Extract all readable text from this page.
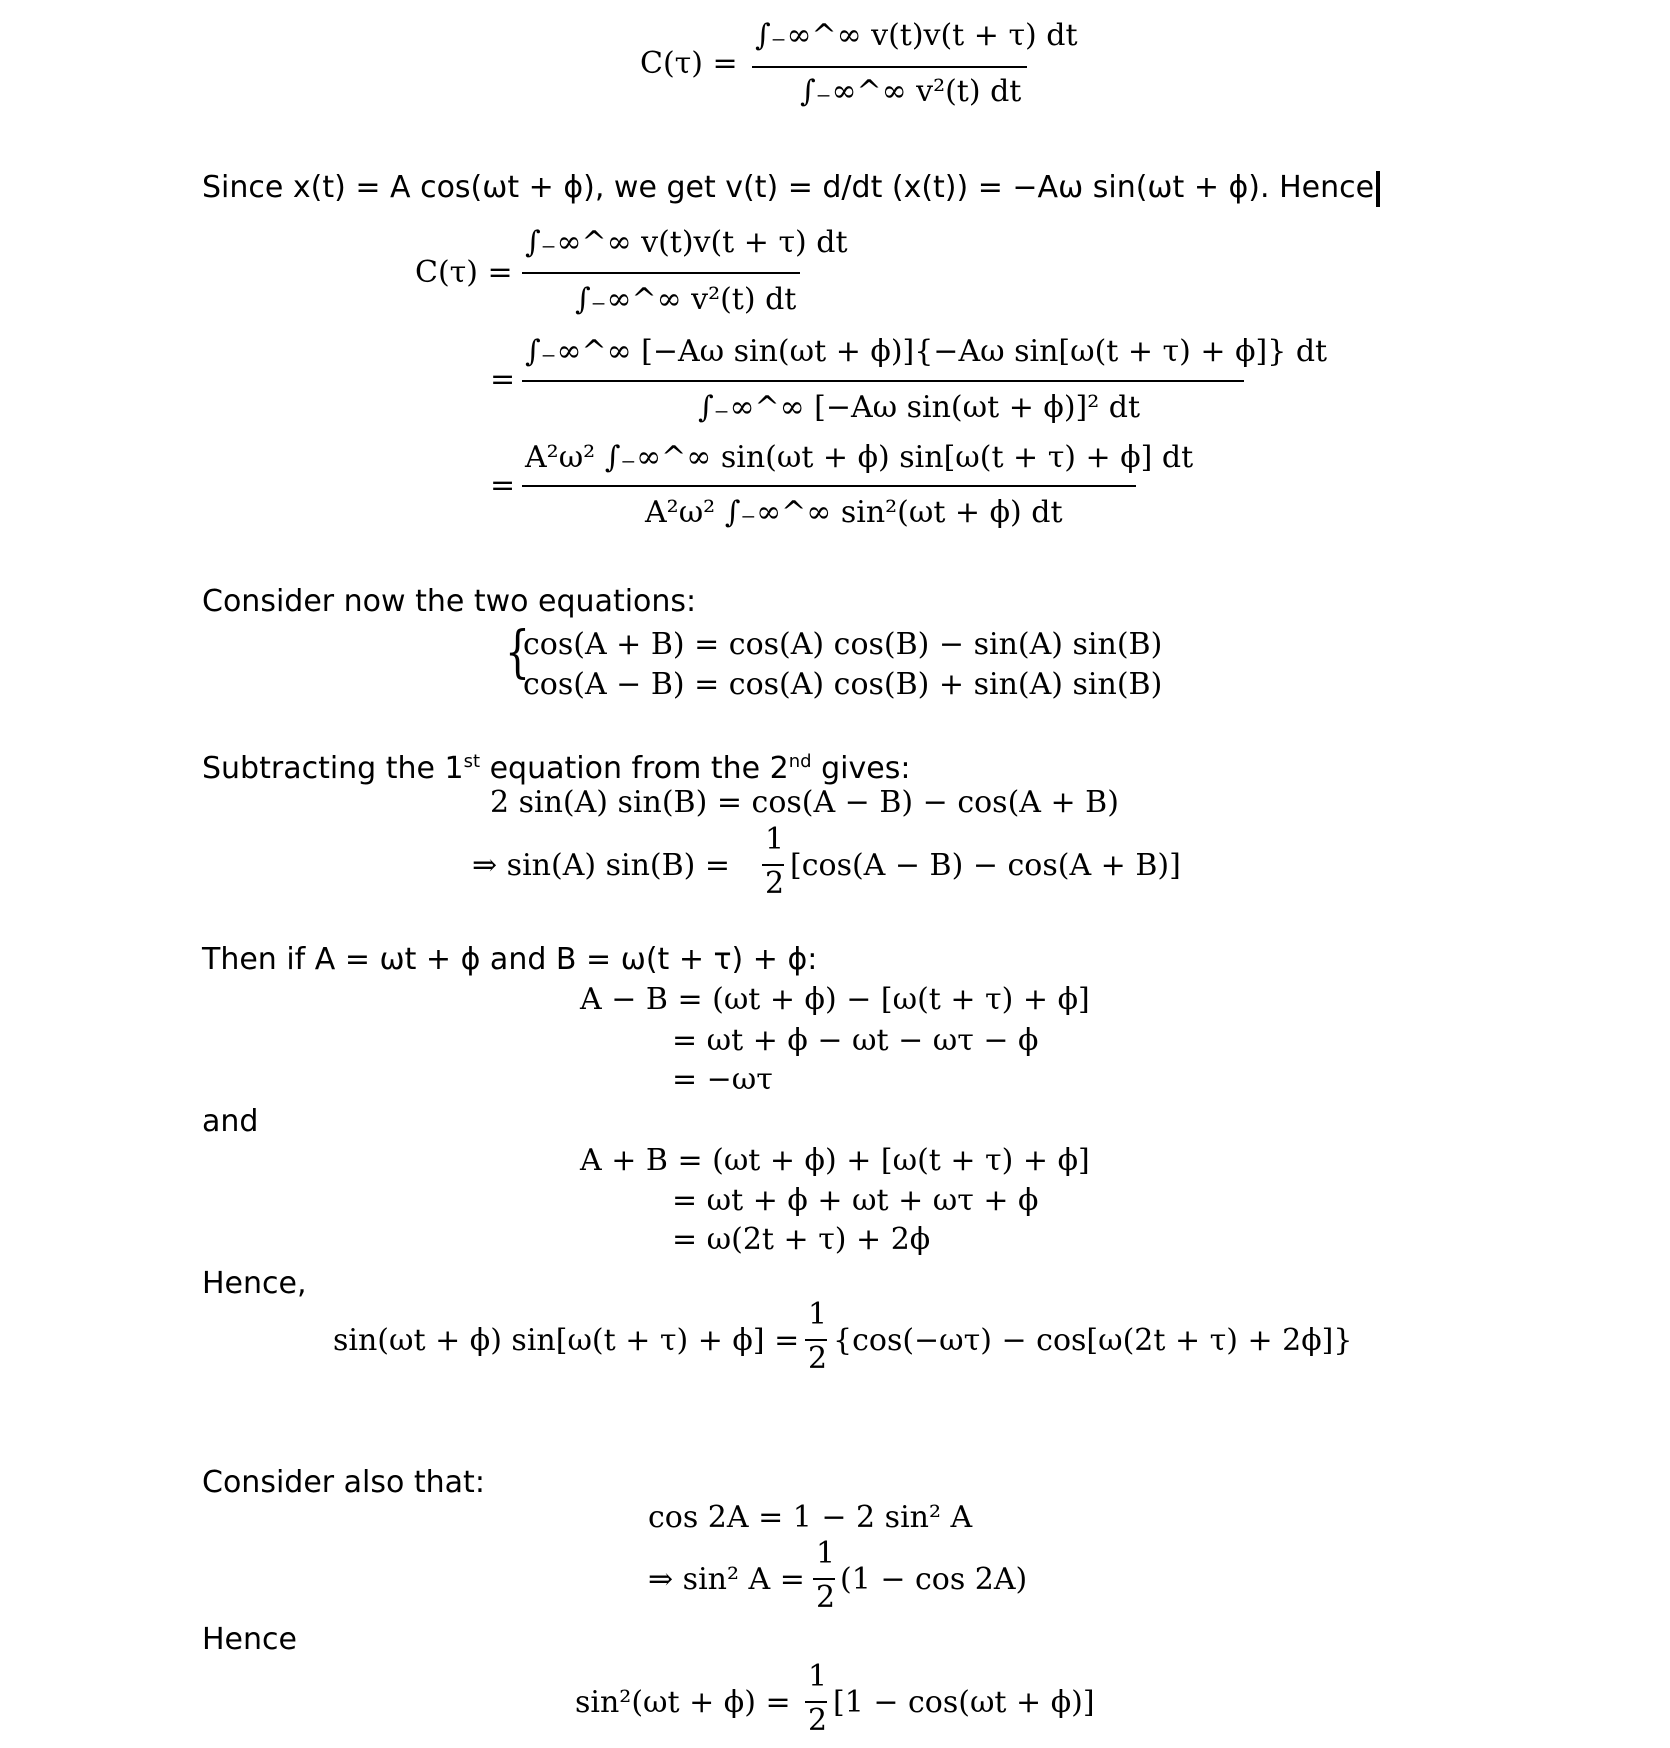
C(τ) =
∫₋∞^∞ v(t)v(t + τ) dt
∫₋∞^∞ v²(t) dt
Since x(t) = A cos(ωt + ϕ), we get v(t) = d/dt (x(t)) = −Aω sin(ωt + ϕ). Hence
C(τ) =
∫₋∞^∞ v(t)v(t + τ) dt
∫₋∞^∞ v²(t) dt
=
∫₋∞^∞ [−Aω sin(ωt + ϕ)]{−Aω sin[ω(t + τ) + ϕ]} dt
∫₋∞^∞ [−Aω sin(ωt + ϕ)]² dt
=
A²ω² ∫₋∞^∞ sin(ωt + ϕ) sin[ω(t + τ) + ϕ] dt
A²ω² ∫₋∞^∞ sin²(ωt + ϕ) dt
Consider now the two equations:
{
cos(A + B) = cos(A) cos(B) − sin(A) sin(B)
cos(A − B) = cos(A) cos(B) + sin(A) sin(B)
Subtracting the 1st equation from the 2nd gives:
2 sin(A) sin(B) = cos(A − B) − cos(A + B)
⇒ sin(A) sin(B) =
1
2
[cos(A − B) − cos(A + B)]
Then if A = ωt + ϕ and B = ω(t + τ) + ϕ:
A − B = (ωt + ϕ) − [ω(t + τ) + ϕ]
= ωt + ϕ − ωt − ωτ − ϕ
= −ωτ
and
A + B = (ωt + ϕ) + [ω(t + τ) + ϕ]
= ωt + ϕ + ωt + ωτ + ϕ
= ω(2t + τ) + 2ϕ
Hence,
sin(ωt + ϕ) sin[ω(t + τ) + ϕ] =
1
2
{cos(−ωτ) − cos[ω(2t + τ) + 2ϕ]}
Consider also that:
cos 2A = 1 − 2 sin² A
⇒ sin² A =
1
2
(1 − cos 2A)
Hence
sin²(ωt + ϕ) =
1
2
[1 − cos(ωt + ϕ)]
